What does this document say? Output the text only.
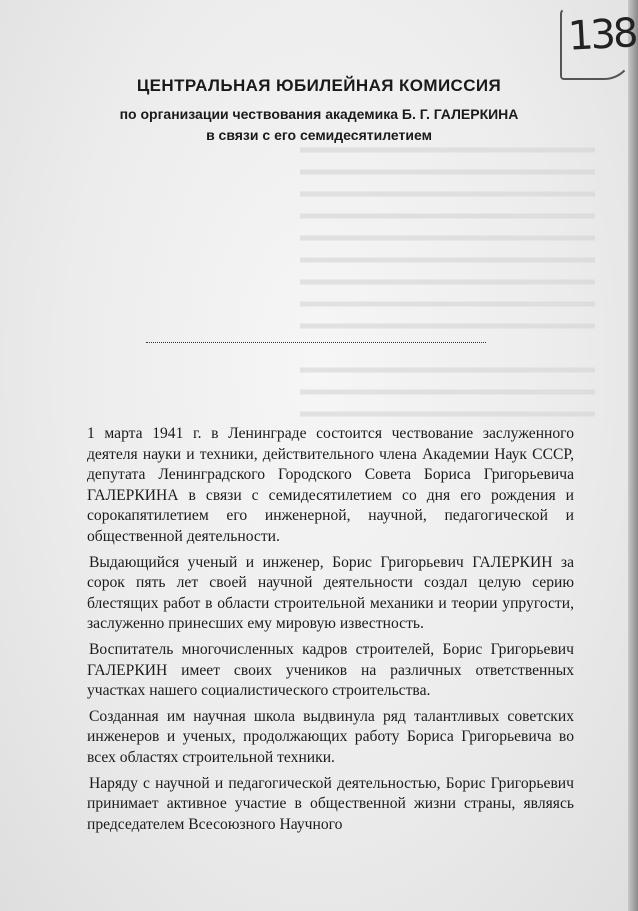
138
ЦЕНТРАЛЬНАЯ ЮБИЛЕЙНАЯ КОМИССИЯ
по организации чествования академика Б. Г. ГАЛЕРКИНА
в связи с его семидесятилетием

1 марта 1941 г. в Ленинграде состоится чествование заслуженного деятеля науки и техники, действительного члена Академии Наук СССР, депутата Ленинградского Городского Совета Бориса Григорьевича ГАЛЕРКИНА в связи с семидесятилетием со дня его рождения и сорокапятилетием его инженерной, научной, педагогической и общественной деятельности.

Выдающийся ученый и инженер, Борис Григорьевич ГАЛЕРКИН за сорок пять лет своей научной деятельности создал целую серию блестящих работ в области строительной механики и теории упругости, заслуженно принесших ему мировую известность.

Воспитатель многочисленных кадров строителей, Борис Григорьевич ГАЛЕРКИН имеет своих учеников на различных ответственных участках нашего социалистического строительства.

Созданная им научная школа выдвинула ряд талантливых советских инженеров и ученых, продолжающих работу Бориса Григорьевича во всех областях строительной техники.

Наряду с научной и педагогической деятельностью, Борис Григорьевич принимает активное участие в общественной жизни страны, являясь председателем Всесоюзного Научного
